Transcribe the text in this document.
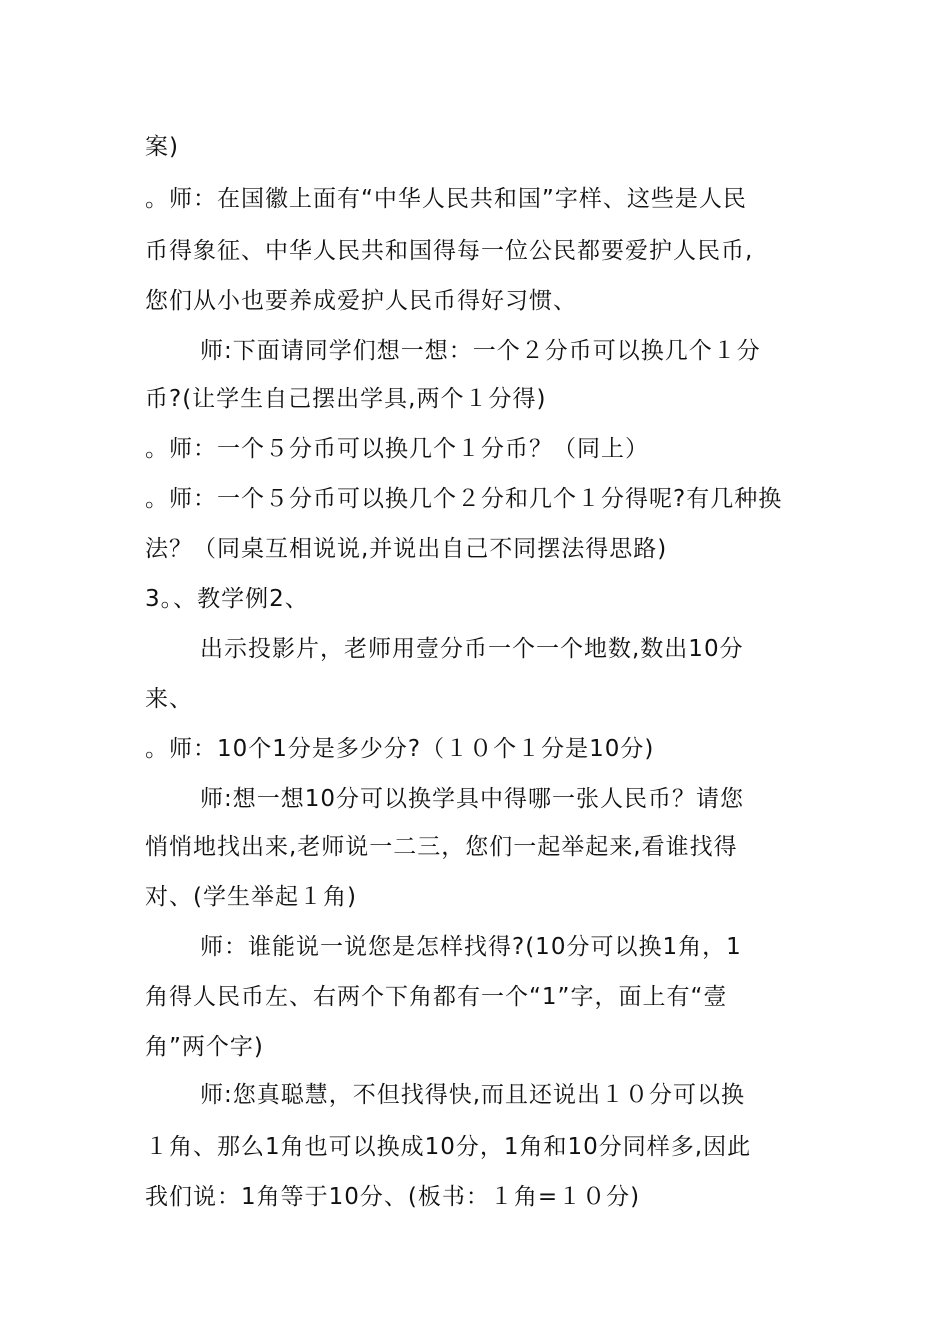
案)
。师：在国徽上面有“中华人民共和国”字样、这些是人民
币得象征、中华人民共和国得每一位公民都要爱护人民币,
您们从小也要养成爱护人民币得好习惯、
师:下面请同学们想一想：一个２分币可以换几个１分
币?(让学生自己摆出学具,两个１分得)
。师：一个５分币可以换几个１分币？（同上）
。师：一个５分币可以换几个２分和几个１分得呢?有几种换
法？（同桌互相说说,并说出自己不同摆法得思路)
3。、教学例2、
出示投影片，老师用壹分币一个一个地数,数出10分
来、
。师：10个1分是多少分?（１０个１分是10分)
师:想一想10分可以换学具中得哪一张人民币？请您
悄悄地找出来,老师说一二三，您们一起举起来,看谁找得
对、(学生举起１角)
师：谁能说一说您是怎样找得?(10分可以换1角，1
角得人民币左、右两个下角都有一个“1”字，面上有“壹
角”两个字)
师:您真聪慧，不但找得快,而且还说出１０分可以换
１角、那么1角也可以换成10分，1角和10分同样多,因此
我们说：1角等于10分、(板书：１角=１０分)
